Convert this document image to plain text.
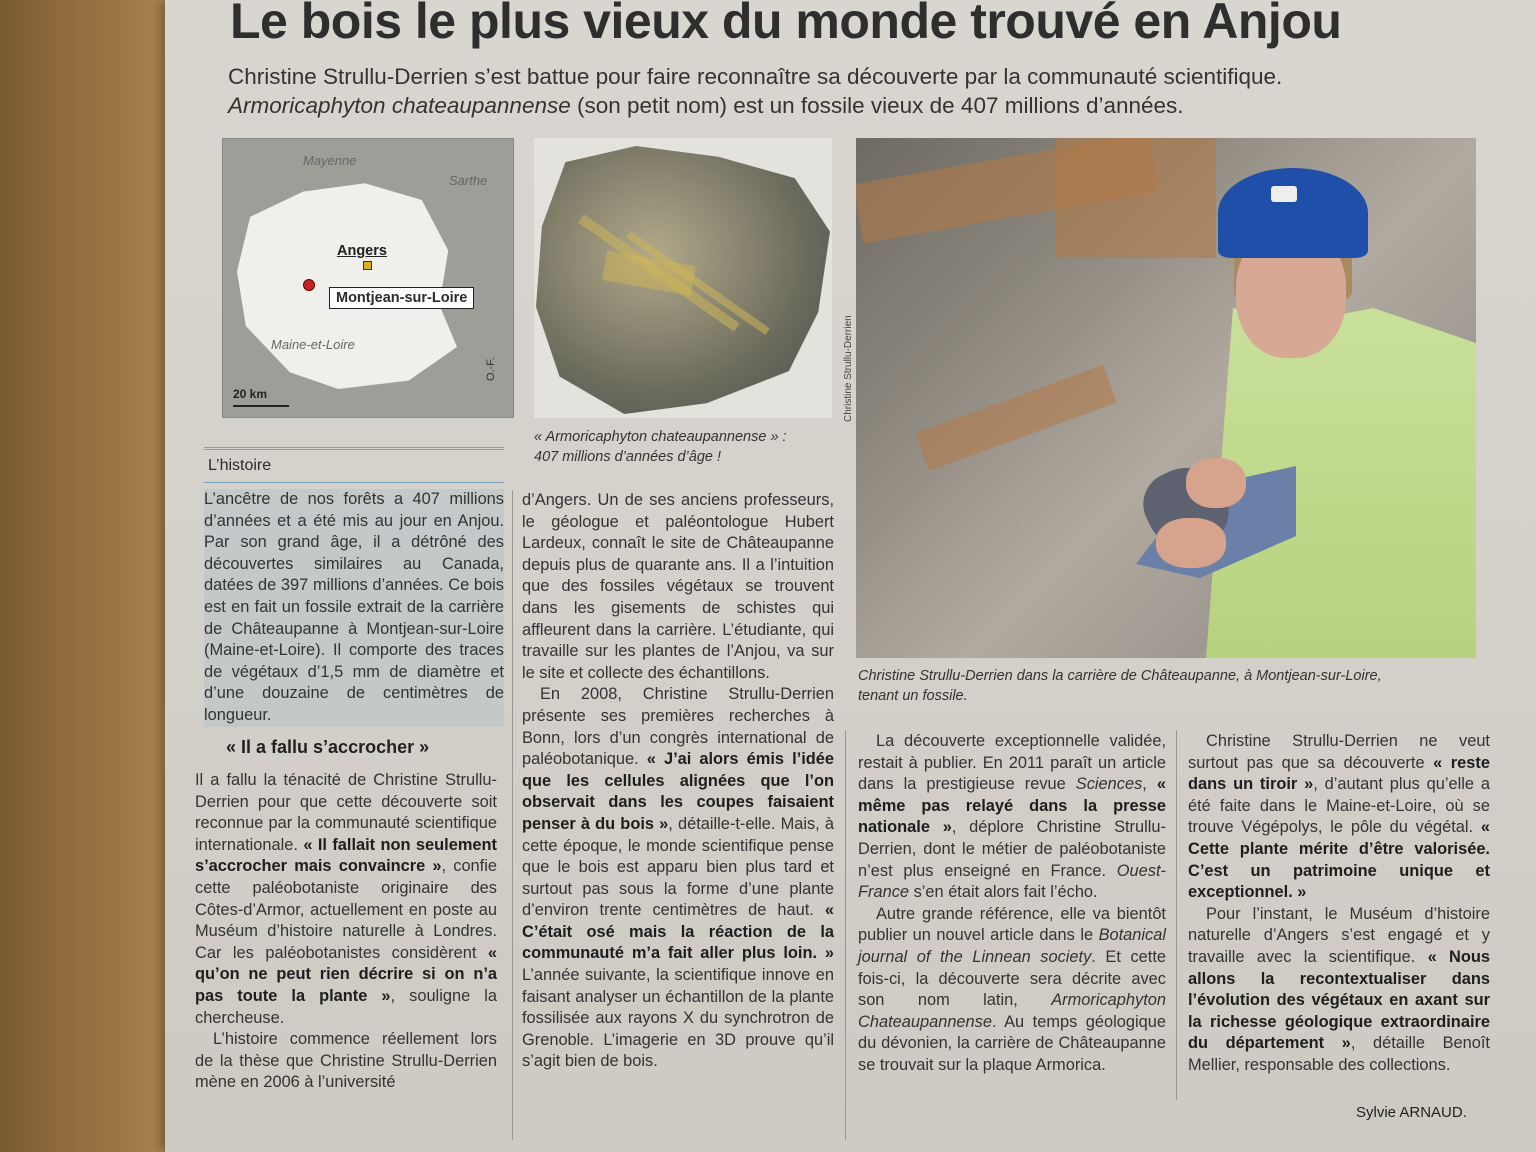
Le bois le plus vieux du monde trouvé en Anjou
Christine Strullu-Derrien s’est battue pour faire reconnaître sa découverte par la communauté scientifique.
Armoricaphyton chateaupannense (son petit nom) est un fossile vieux de 407 millions d’années.
Mayenne
Sarthe
Maine-et-Loire
Angers
Montjean-sur-Loire
20 km
O.-F.	Christine Strullu-Derrien
« Armoricaphyton chateaupannense » :
407 millions d’années d’âge !
Christine Strullu-Derrien dans la carrière de Châteaupanne, à Montjean-sur-Loire,
tenant un fossile.
L’histoire

L’ancêtre de nos forêts a 407 millions d’années et a été mis au jour en Anjou. Par son grand âge, il a détrôné des découvertes similaires au Canada, datées de 397 millions d’années. Ce bois est en fait un fossile extrait de la carrière de Châteaupanne à Montjean-sur-Loire (Maine-et-Loire). Il comporte des traces de végétaux d’1,5 mm de diamètre et d’une douzaine de centimètres de longueur.

« Il a fallu s’accrocher »

Il a fallu la ténacité de Christine Strullu-Derrien pour que cette découverte soit reconnue par la communauté scientifique internationale. « Il fallait non seulement s’accrocher mais convaincre », confie cette paléobotaniste originaire des Côtes-d’Armor, actuellement en poste au Muséum d’histoire naturelle à Londres. Car les paléobotanistes considèrent « qu’on ne peut rien décrire si on n’a pas toute la plante », souligne la chercheuse.

L’histoire commence réellement lors de la thèse que Christine Strullu-Derrien mène en 2006 à l’université

d’Angers. Un de ses anciens professeurs, le géologue et paléontologue Hubert Lardeux, connaît le site de Châteaupanne depuis plus de quarante ans. Il a l’intuition que des fossiles végétaux se trouvent dans les gisements de schistes qui affleurent dans la carrière. L’étudiante, qui travaille sur les plantes de l’Anjou, va sur le site et collecte des échantillons.

En 2008, Christine Strullu-Derrien présente ses premières recherches à Bonn, lors d’un congrès international de paléobotanique. « J’ai alors émis l’idée que les cellules alignées que l’on observait dans les coupes faisaient penser à du bois », détaille-t-elle. Mais, à cette époque, le monde scientifique pense que le bois est apparu bien plus tard et surtout pas sous la forme d’une plante d’environ trente centimètres de haut. « C’était osé mais la réaction de la communauté m’a fait aller plus loin. » L’année suivante, la scientifique innove en faisant analyser un échantillon de la plante fossilisée aux rayons X du synchrotron de Grenoble. L’imagerie en 3D prouve qu’il s’agit bien de bois.

La découverte exceptionnelle validée, restait à publier. En 2011 paraît un article dans la prestigieuse revue Sciences, « même pas relayé dans la presse nationale », déplore Christine Strullu-Derrien, dont le métier de paléobotaniste n’est plus enseigné en France. Ouest-France s’en était alors fait l’écho.

Autre grande référence, elle va bientôt publier un nouvel article dans le Botanical journal of the Linnean society. Et cette fois-ci, la découverte sera décrite avec son nom latin, Armoricaphyton Chateaupannense. Au temps géologique du dévonien, la carrière de Châteaupanne se trouvait sur la plaque Armorica.

Christine Strullu-Derrien ne veut surtout pas que sa découverte « reste dans un tiroir », d’autant plus qu’elle a été faite dans le Maine-et-Loire, où se trouve Végépolys, le pôle du végétal. « Cette plante mérite d’être valorisée. C’est un patrimoine unique et exceptionnel. »

Pour l’instant, le Muséum d’histoire naturelle d’Angers s’est engagé et y travaille avec la scientifique. « Nous allons la recontextualiser dans l’évolution des végétaux en axant sur la richesse géologique extraordinaire du département », détaille Benoît Mellier, responsable des collections.

Sylvie ARNAUD.
